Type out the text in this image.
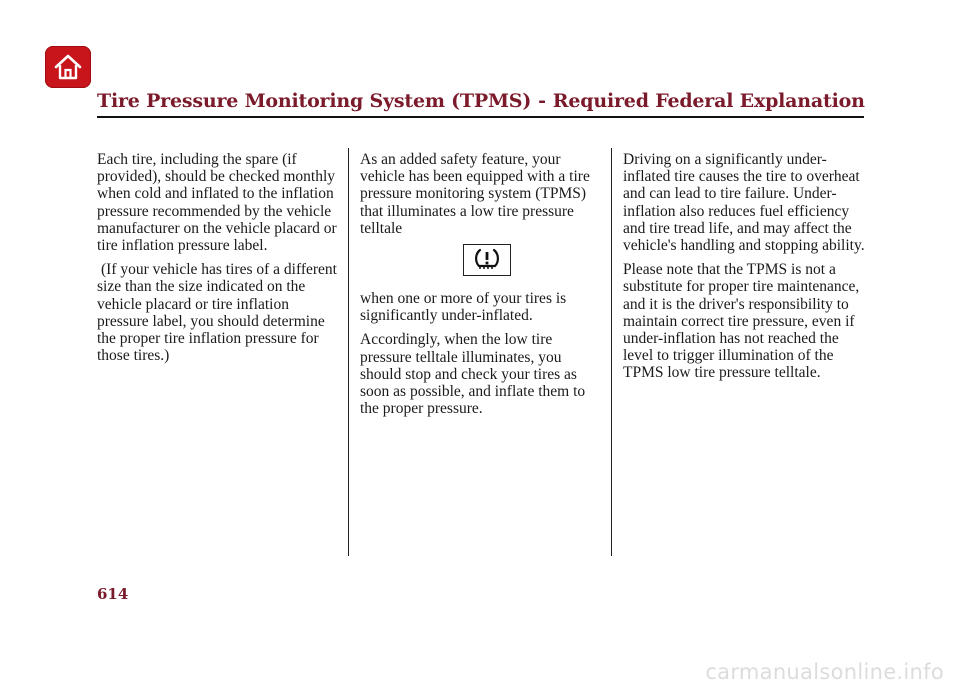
Tire Pressure Monitoring System (TPMS) - Required Federal Explanation

Each tire, including the spare (if provided), should be checked monthly when cold and inflated to the inflation pressure recommended by the vehicle manufacturer on the vehicle placard or tire inflation pressure label.

(If your vehicle has tires of a different size than the size indicated on the vehicle placard or tire inflation pressure label, you should determine the proper tire inflation pressure for those tires.)

As an added safety feature, your vehicle has been equipped with a tire pressure monitoring system (TPMS) that illuminates a low tire pressure telltale

when one or more of your tires is significantly under-inflated.

Accordingly, when the low tire pressure telltale illuminates, you should stop and check your tires as soon as possible, and inflate them to the proper pressure.

Driving on a significantly under-inflated tire causes the tire to overheat and can lead to tire failure. Under-inflation also reduces fuel efficiency and tire tread life, and may affect the vehicle's handling and stopping ability.

Please note that the TPMS is not a substitute for proper tire maintenance, and it is the driver's responsibility to maintain correct tire pressure, even if under-inflation has not reached the level to trigger illumination of the TPMS low tire pressure telltale.

614
carmanualsonline.info
